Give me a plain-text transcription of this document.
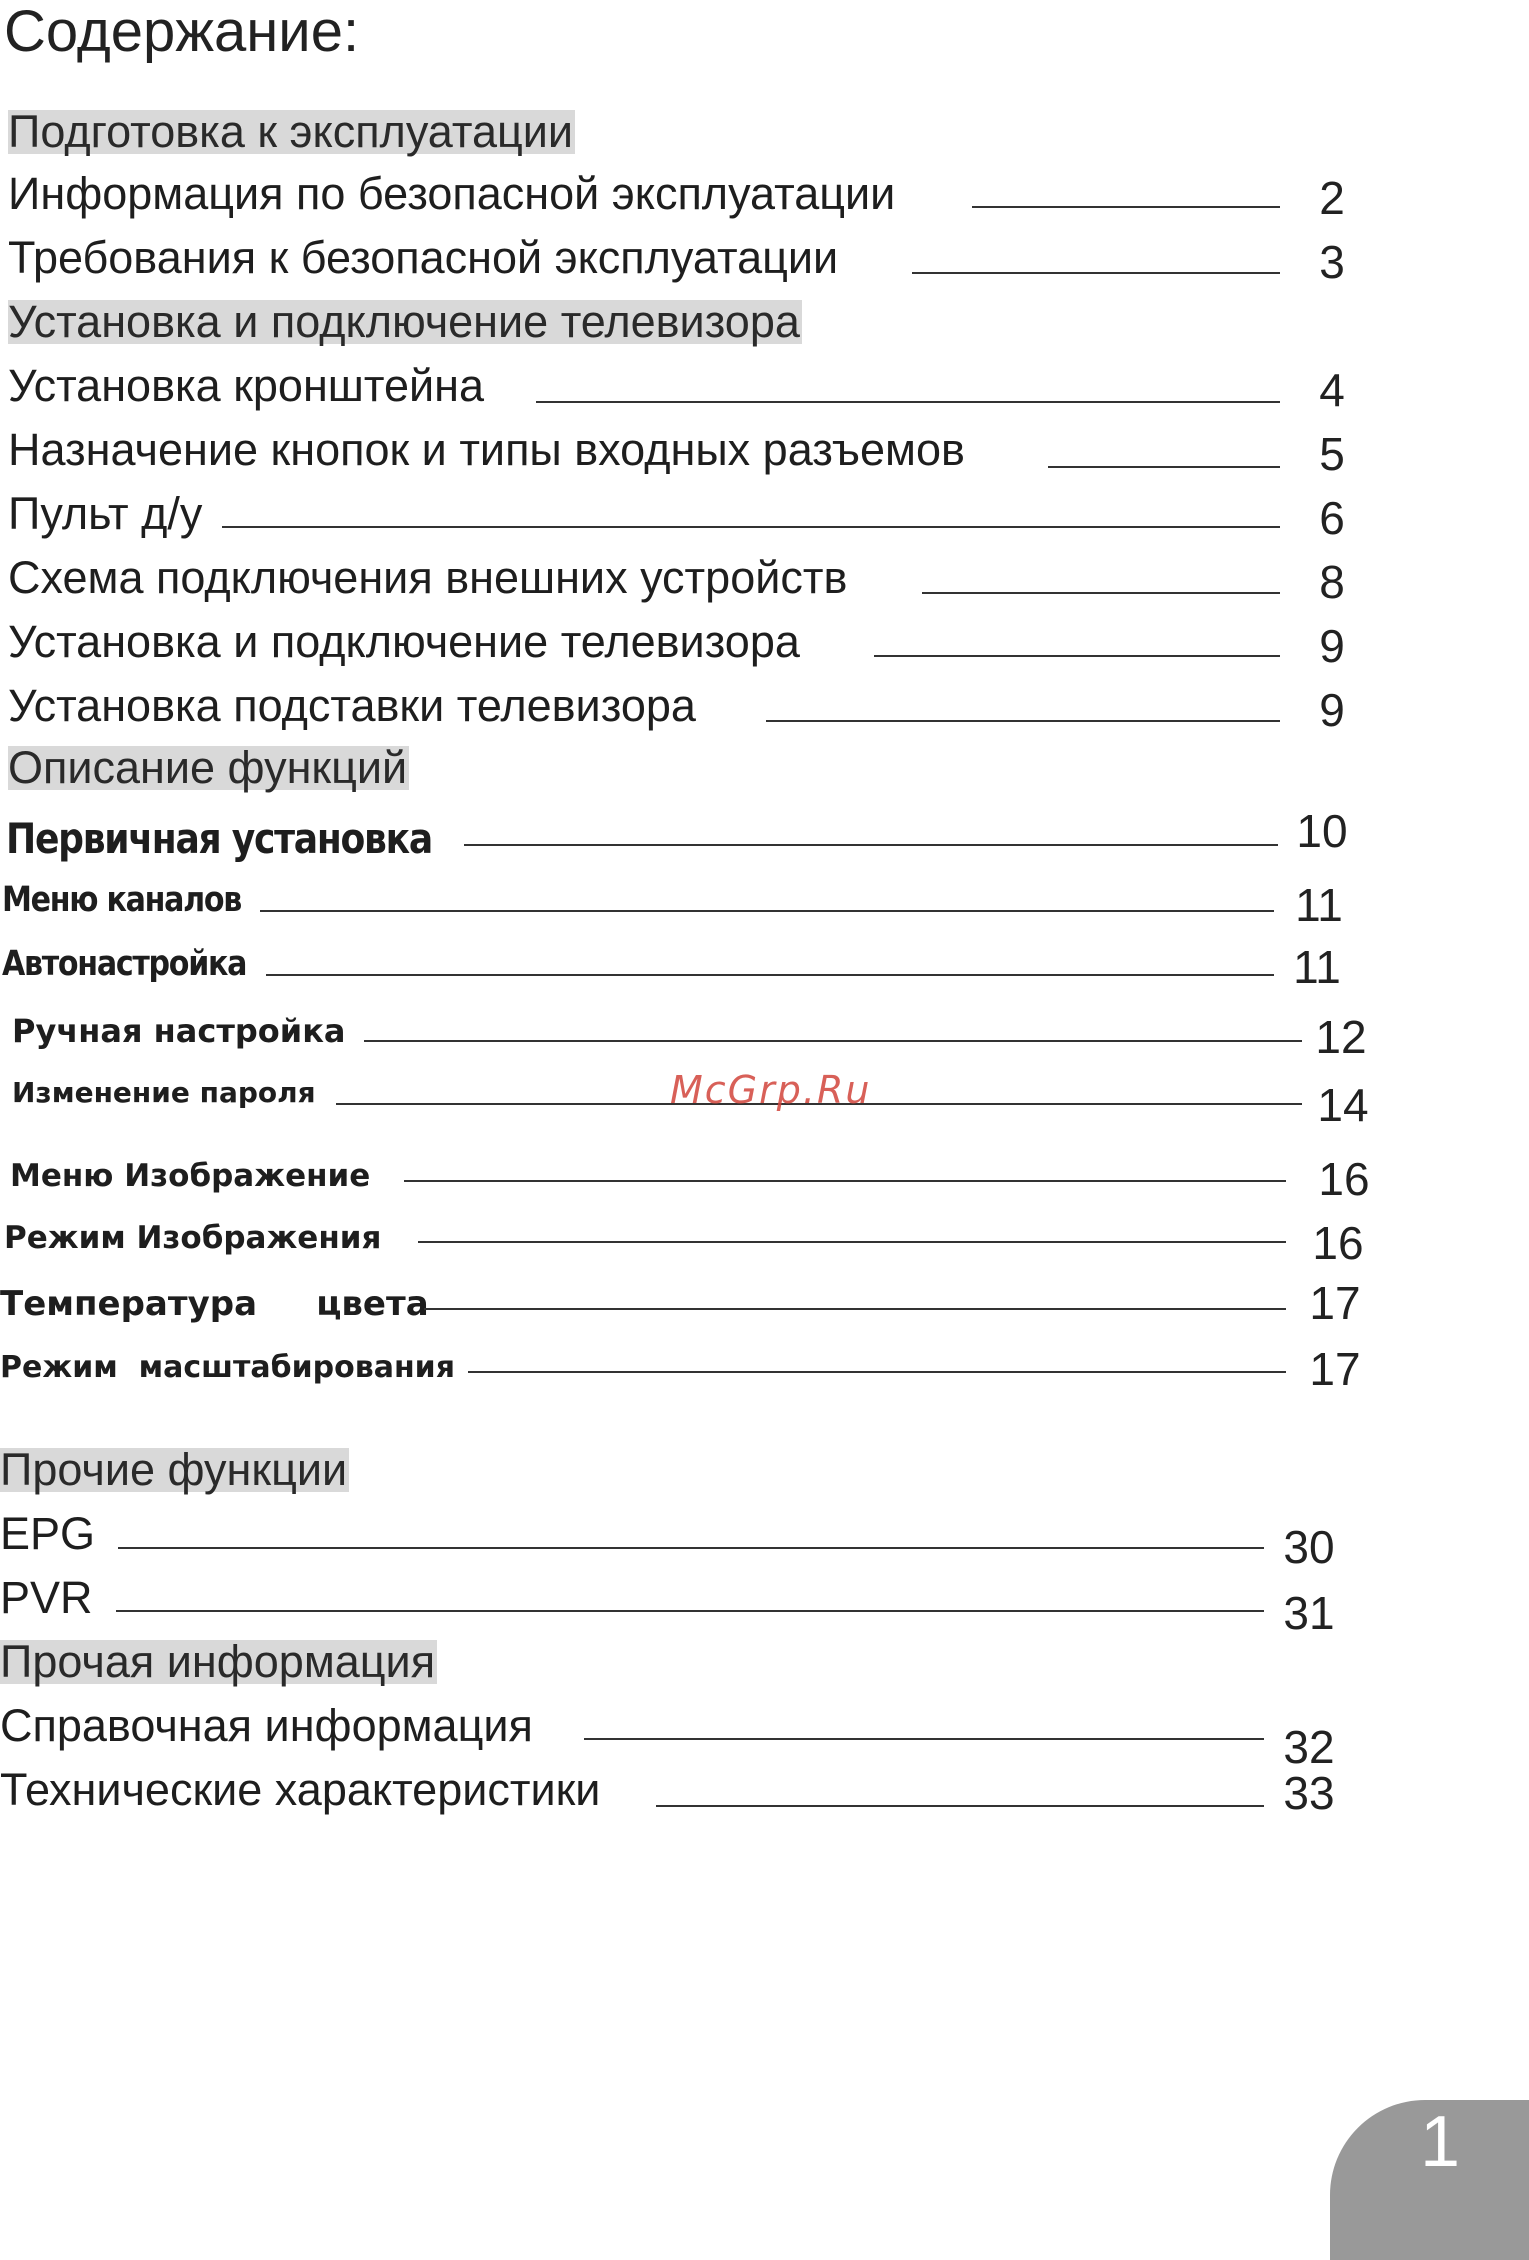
Содержание:
Подготовка к эксплуатации
Информация по безопасной эксплуатации	2
Требования к безопасной эксплуатации	3
Установка и подключение телевизора
Установка кронштейна	4
Назначение кнопок и типы входных разъемов	5
Пульт д/у	6
Схема подключения внешних устройств	8
Установка и подключение телевизора	9
Установка подставки телевизора	9
Описание функций
Первичная установка	10
Меню каналов	11
Автонастройка	11
Ручная настройка	12
Изменение пароля	14
Меню Изображение	16
Режим Изображения	16
Температура     цвета	17
Режим  масштабирования	17
Прочие функции
EPG	30
PVR	31
Прочая информация
Справочная информация	32
Технические характеристики	33
McGrp.Ru
1
